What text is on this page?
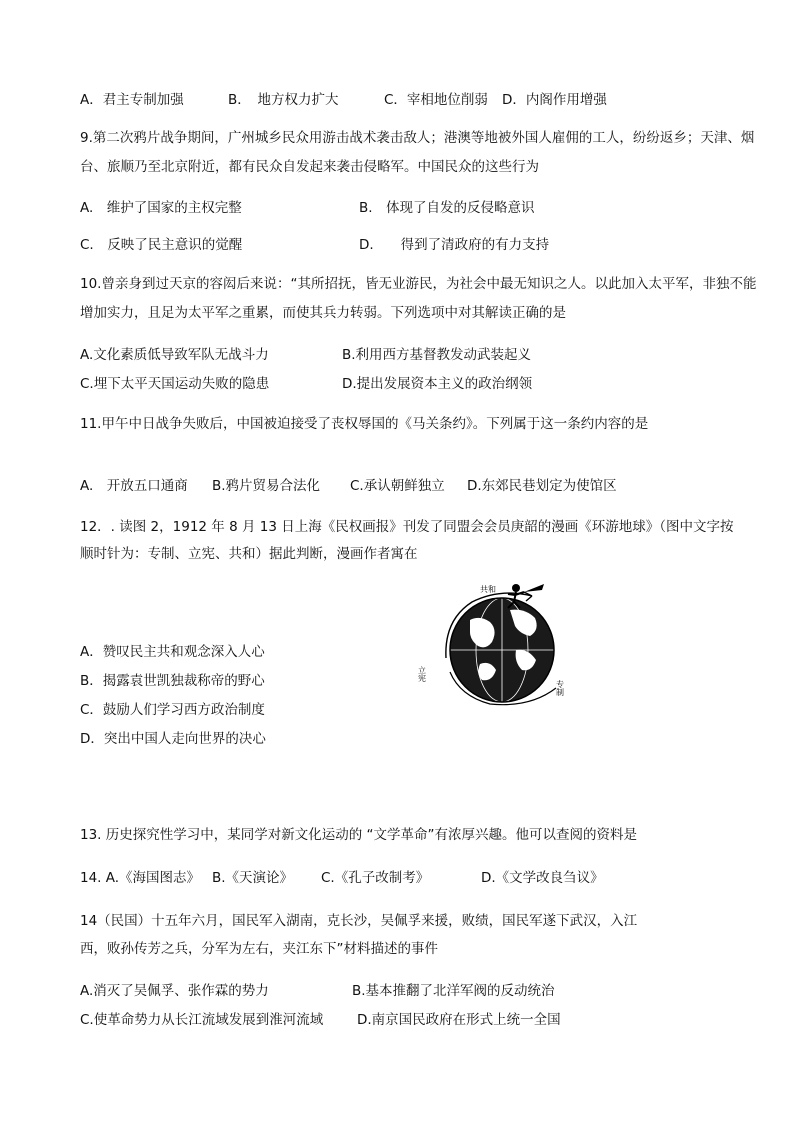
A．君主专制加强	B．　地方权力扩大	C．宰相地位削弱 D．内阁作用增强
9.第二次鸦片战争期间，广州城乡民众用游击战术袭击敌人；港澳等地被外国人雇佣的工人，纷纷返乡；天津、烟
台、旅顺乃至北京附近，都有民众自发起来袭击侵略军。中国民众的这些行为
A.　维护了国家的主权完整	B.　体现了自发的反侵略意识
C.　反映了民主意识的觉醒	D.　　得到了清政府的有力支持
10.曾亲身到过天京的容闳后来说：“其所招抚，皆无业游民，为社会中最无知识之人。以此加入太平军，非独不能
增加实力，且足为太平军之重累，而使其兵力转弱。下列选项中对其解读正确的是
A.文化素质低导致军队无战斗力	B.利用西方基督教发动武装起义
C.埋下太平天国运动失败的隐患	D.提出发展资本主义的政治纲领
11.甲午中日战争失败后，中国被迫接受了丧权辱国的《马关条约》。下列属于这一条约内容的是
A.　开放五口通商 B.鸦片贸易合法化 C.承认朝鲜独立 D.东郊民巷划定为使馆区
12．. 读图 2，1912 年 8 月 13 日上海《民权画报》刊发了同盟会会员庚韶的漫画《环游地球》（图中文字按
顺时针为：专制、立宪、共和）据此判断，漫画作者寓在
A．赞叹民主共和观念深入人心
B．揭露袁世凯独裁称帝的野心
C．鼓励人们学习西方政治制度
D．突出中国人走向世界的决心
共和
立宪
专制
13. 历史探究性学习中，某同学对新文化运动的 “文学革命”有浓厚兴趣。他可以查阅的资料是
14. A.《海国图志》 B.《天演论》 C.《孔子改制考》	D.《文学改良刍议》
14（民国）十五年六月，国民军入湖南，克长沙，吴佩孚来援，败绩，国民军遂下武汉，入江
西，败孙传芳之兵，分军为左右，夹江东下”材料描述的事件
A.消灭了吴佩孚、张作霖的势力	B.基本推翻了北洋军阀的反动统治
C.使革命势力从长江流域发展到淮河流域	D.南京国民政府在形式上统一全国
